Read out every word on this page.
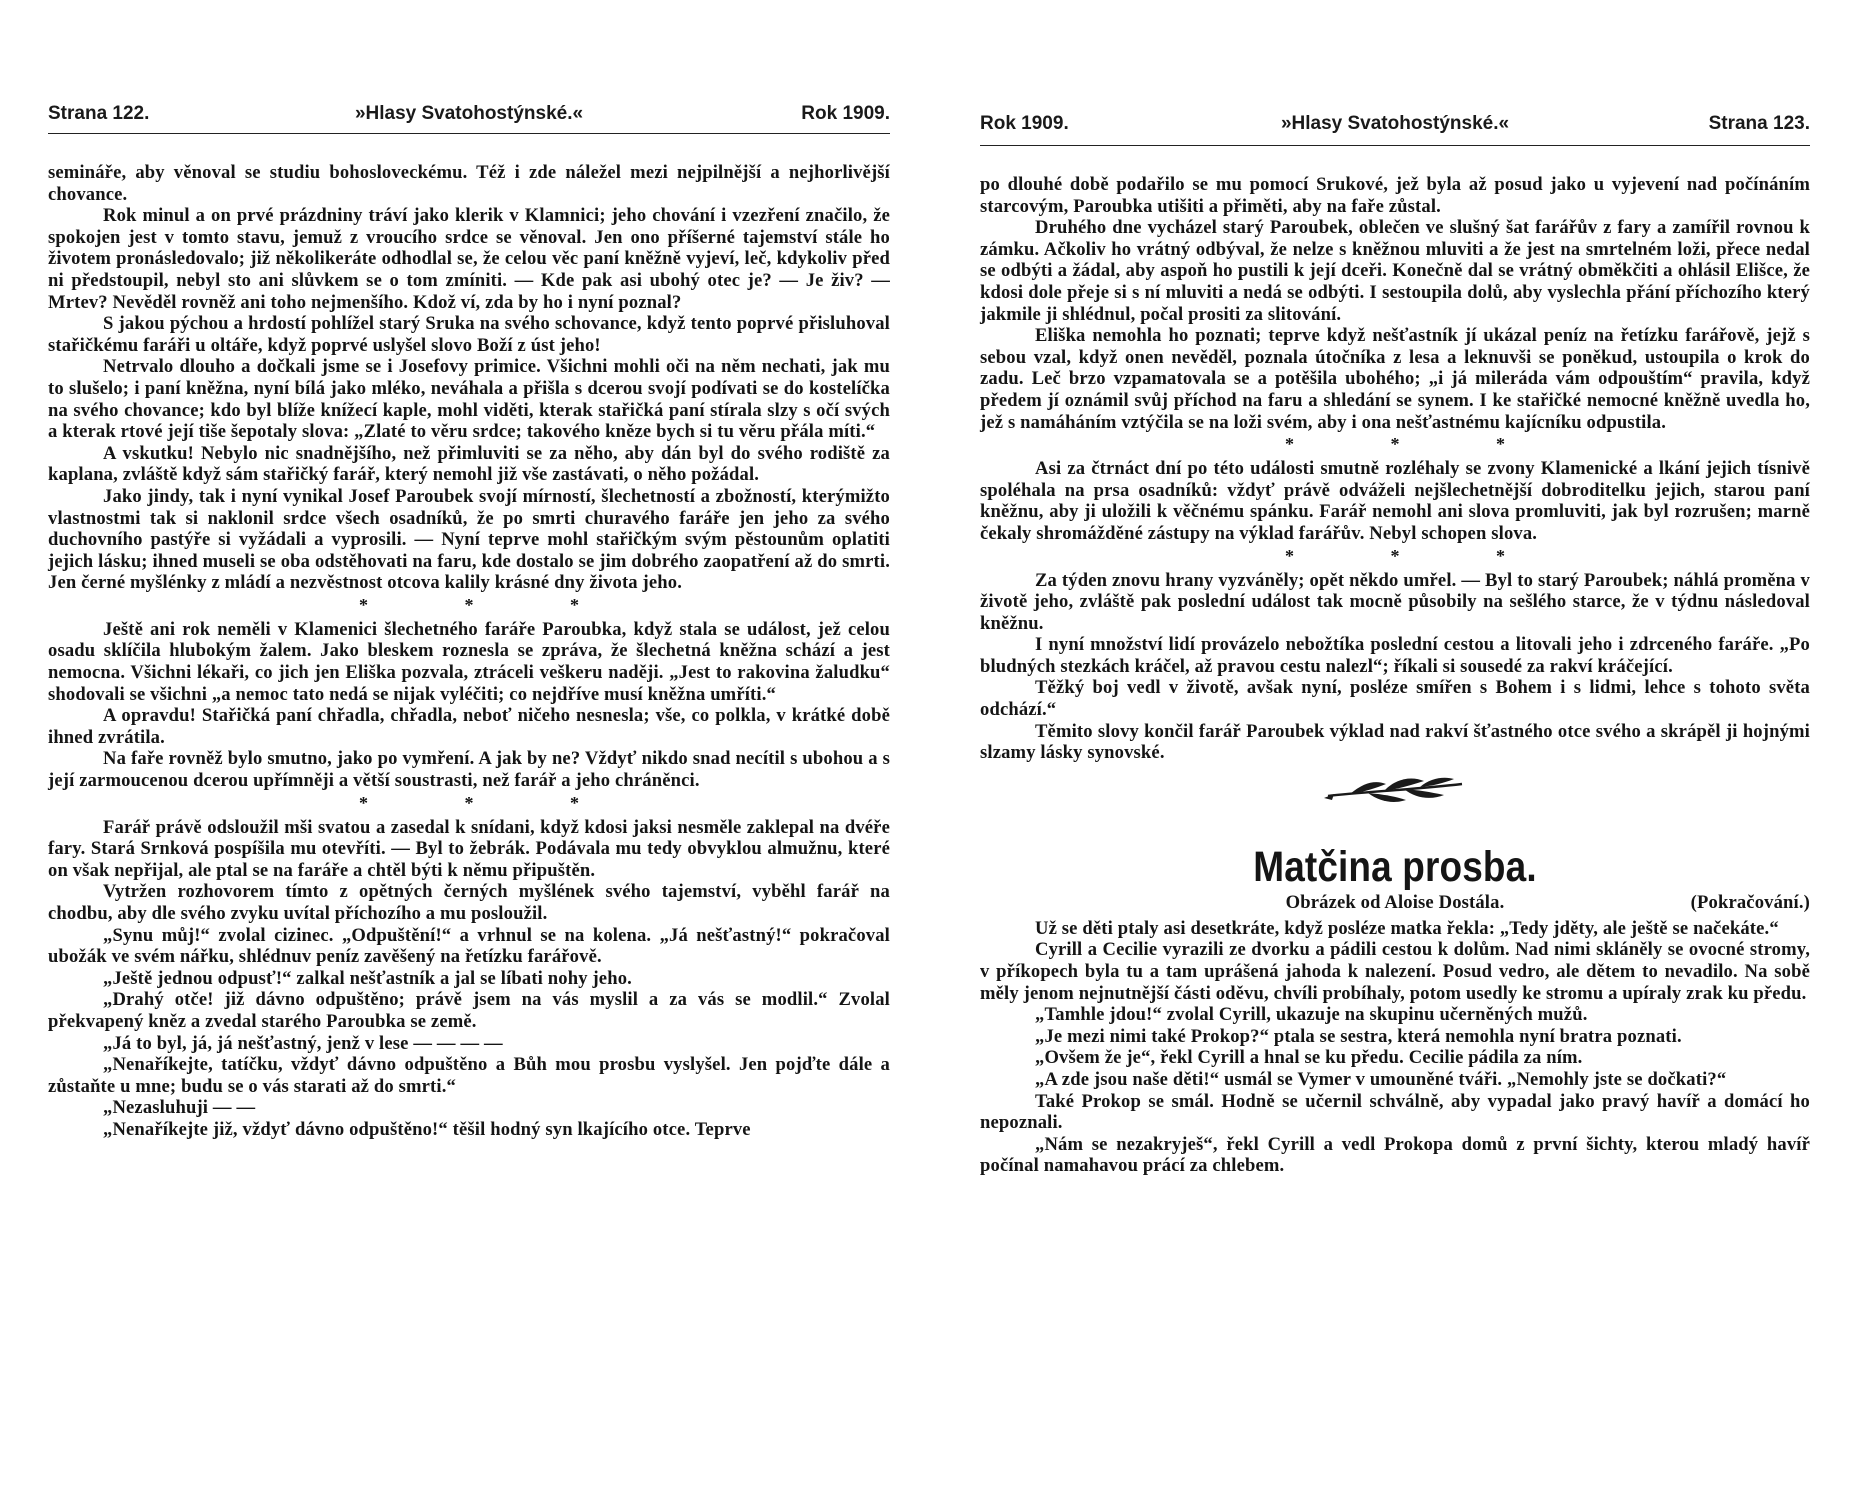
Strana 122.	»Hlasy Svatohostýnské.«	Rok 1909.

semináře, aby věnoval se studiu bohosloveckému. Též i zde náležel mezi nejpilnější a nejhorlivější chovance.

Rok minul a on prvé prázdniny tráví jako klerik v Klamnici; jeho chování i vzezření značilo, že spokojen jest v tomto stavu, jemuž z vroucího srdce se věnoval. Jen ono příšerné tajemství stále ho životem pronásledovalo; již několikeráte odhodlal se, že celou věc paní kněžně vyjeví, leč, kdykoliv před ni předstoupil, nebyl sto ani slůvkem se o tom zmíniti. — Kde pak asi ubohý otec je? — Je živ? — Mrtev? Nevěděl rovněž ani toho nejmenšího. Kdož ví, zda by ho i nyní poznal?

S jakou pýchou a hrdostí pohlížel starý Sruka na svého schovance, když tento poprvé přisluhoval stařičkému faráři u oltáře, když poprvé uslyšel slovo Boží z úst jeho!

Netrvalo dlouho a dočkali jsme se i Josefovy primice. Všichni mohli oči na něm nechati, jak mu to slušelo; i paní kněžna, nyní bílá jako mléko, neváhala a přišla s dcerou svojí podívati se do kostelíčka na svého chovance; kdo byl blíže knížecí kaple, mohl viděti, kterak stařičká paní stírala slzy s očí svých a kterak rtové její tiše šepotaly slova: „Zlaté to věru srdce; takového kněze bych si tu věru přála míti.“

A vskutku! Nebylo nic snadnějšího, než přimluviti se za něho, aby dán byl do svého rodiště za kaplana, zvláště když sám stařičký farář, který nemohl již vše zastávati, o něho požádal.

Jako jindy, tak i nyní vynikal Josef Paroubek svojí mírností, šlechetností a zbožností, kterýmižto vlastnostmi tak si naklonil srdce všech osadníků, že po smrti churavého faráře jen jeho za svého duchovního pastýře si vyžádali a vyprosili. — Nyní teprve mohl stařičkým svým pěstounům oplatiti jejich lásku; ihned museli se oba odstěhovati na faru, kde dostalo se jim dobrého zaopatření až do smrti. Jen černé myšlénky z mládí a nezvěstnost otcova kalily krásné dny života jeho.

* * *

Ještě ani rok neměli v Klamenici šlechetného faráře Paroubka, když stala se událost, jež celou osadu sklíčila hlubokým žalem. Jako bleskem roznesla se zpráva, že šlechetná kněžna schází a jest nemocna. Všichni lékaři, co jich jen Eliška pozvala, ztráceli veškeru naději. „Jest to rakovina žaludku“ shodovali se všichni „a nemoc tato nedá se nijak vyléčiti; co nejdříve musí kněžna umříti.“

A opravdu! Stařičká paní chřadla, chřadla, neboť ničeho nesnesla; vše, co polkla, v krátké době ihned zvrátila.

Na faře rovněž bylo smutno, jako po vymření. A jak by ne? Vždyť nikdo snad necítil s ubohou a s její zarmoucenou dcerou upřímněji a větší soustrasti, než farář a jeho chráněnci.

* * *

Farář právě odsloužil mši svatou a zasedal k snídani, když kdosi jaksi nesměle zaklepal na dvéře fary. Stará Srnková pospíšila mu otevříti. — Byl to žebrák. Podávala mu tedy obvyklou almužnu, které on však nepřijal, ale ptal se na faráře a chtěl býti k němu připuštěn.

Vytržen rozhovorem tímto z opětných černých myšlének svého tajemství, vyběhl farář na chodbu, aby dle svého zvyku uvítal příchozího a mu posloužil.

„Synu můj!“ zvolal cizinec. „Odpuštění!“ a vrhnul se na kolena. „Já nešťastný!“ pokračoval ubožák ve svém nářku, shlédnuv peníz zavěšený na řetízku farářově.

„Ještě jednou odpusť!“ zalkal nešťastník a jal se líbati nohy jeho.

„Drahý otče! již dávno odpuštěno; právě jsem na vás myslil a za vás se modlil.“ Zvolal překvapený kněz a zvedal starého Paroubka se země.

„Já to byl, já, já nešťastný, jenž v lese — — — —

„Nenaříkejte, tatíčku, vždyť dávno odpuštěno a Bůh mou prosbu vyslyšel. Jen pojďte dále a zůstaňte u mne; budu se o vás starati až do smrti.“

„Nezasluhuji — —

„Nenaříkejte již, vždyť dávno odpuštěno!“ těšil hodný syn lkajícího otce. Teprve

Rok 1909.	»Hlasy Svatohostýnské.«	Strana 123.

po dlouhé době podařilo se mu pomocí Srukové, jež byla až posud jako u vyjevení nad počínáním starcovým, Paroubka utišiti a přiměti, aby na faře zůstal.

Druhého dne vycházel starý Paroubek, oblečen ve slušný šat farářův z fary a zamířil rovnou k zámku. Ačkoliv ho vrátný odbýval, že nelze s kněžnou mluviti a že jest na smrtelném loži, přece nedal se odbýti a žádal, aby aspoň ho pustili k její dceři. Konečně dal se vrátný obměkčiti a ohlásil Elišce, že kdosi dole přeje si s ní mluviti a nedá se odbýti. I sestoupila dolů, aby vyslechla přání příchozího který jakmile ji shlédnul, počal prositi za slitování.

Eliška nemohla ho poznati; teprve když nešťastník jí ukázal peníz na řetízku farářově, jejž s sebou vzal, když onen nevěděl, poznala útočníka z lesa a leknuvši se poněkud, ustoupila o krok do zadu. Leč brzo vzpamatovala se a potěšila ubohého; „i já mileráda vám odpouštím“ pravila, když předem jí oznámil svůj příchod na faru a shledání se synem. I ke stařičké nemocné kněžně uvedla ho, jež s namáháním vztýčila se na loži svém, aby i ona nešťastnému kajícníku odpustila.

* * *

Asi za čtrnáct dní po této události smutně rozléhaly se zvony Klamenické a lkání jejich tísnivě spoléhala na prsa osadníků: vždyť právě odváželi nejšlechetnější dobroditelku jejich, starou paní kněžnu, aby ji uložili k věčnému spánku. Farář nemohl ani slova promluviti, jak byl rozrušen; marně čekaly shromážděné zástupy na výklad farářův. Nebyl schopen slova.

* * *

Za týden znovu hrany vyzváněly; opět někdo umřel. — Byl to starý Paroubek; náhlá proměna v životě jeho, zvláště pak poslední událost tak mocně působily na sešlého starce, že v týdnu následoval kněžnu.

I nyní množství lidí provázelo nebožtíka poslední cestou a litovali jeho i zdrceného faráře. „Po bludných stezkách kráčel, až pravou cestu nalezl“; říkali si sousedé za rakví kráčející.

Těžký boj vedl v životě, avšak nyní, posléze smířen s Bohem i s lidmi, lehce s tohoto světa odchází.“

Těmito slovy končil farář Paroubek výklad nad rakví šťastného otce svého a skrápěl ji hojnými slzamy lásky synovské.

Matčina prosba.
Obrázek od Aloise Dostála.	(Pokračování.)

Už se děti ptaly asi desetkráte, když posléze matka řekla: „Tedy jděty, ale ještě se načekáte.“

Cyrill a Cecilie vyrazili ze dvorku a pádili cestou k dolům. Nad nimi skláněly se ovocné stromy, v příkopech byla tu a tam uprášená jahoda k nalezení. Posud vedro, ale dětem to nevadilo. Na sobě měly jenom nejnutnější části oděvu, chvíli probíhaly, potom usedly ke stromu a upíraly zrak ku předu.

„Tamhle jdou!“ zvolal Cyrill, ukazuje na skupinu učerněných mužů.

„Je mezi nimi také Prokop?“ ptala se sestra, která nemohla nyní bratra poznati.

„Ovšem že je“, řekl Cyrill a hnal se ku předu. Cecilie pádila za ním.

„A zde jsou naše děti!“ usmál se Vymer v umouněné tváři. „Nemohly jste se dočkati?“

Také Prokop se smál. Hodně se učernil schválně, aby vypadal jako pravý havíř a domácí ho nepoznali.

„Nám se nezakryješ“, řekl Cyrill a vedl Prokopa domů z první šichty, kterou mladý havíř počínal namahavou prácí za chlebem.
